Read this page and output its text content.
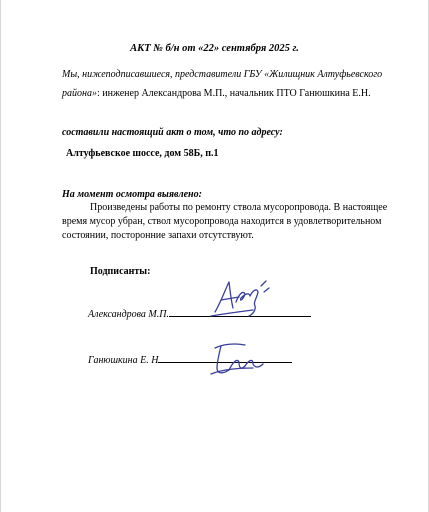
АКТ № б/н от «22» сентября 2025 г.
Мы, нижеподписавшиеся, представители ГБУ «Жилищник Алтуфьевского
района»: инженер Александрова М.П., начальник ПТО Ганюшкина Е.Н.
составили настоящий акт о том, что по адресу:
Алтуфьевское шоссе, дом 58Б, п.1
На момент осмотра выявлено:
Произведены работы по ремонту ствола мусоропровода. В настоящее время мусор убран, ствол мусоропровода находится в удовлетворительном состоянии, посторонние запахи отсутствуют.
Подписанты:
Александрова М.П.
Ганюшкина Е. Н
